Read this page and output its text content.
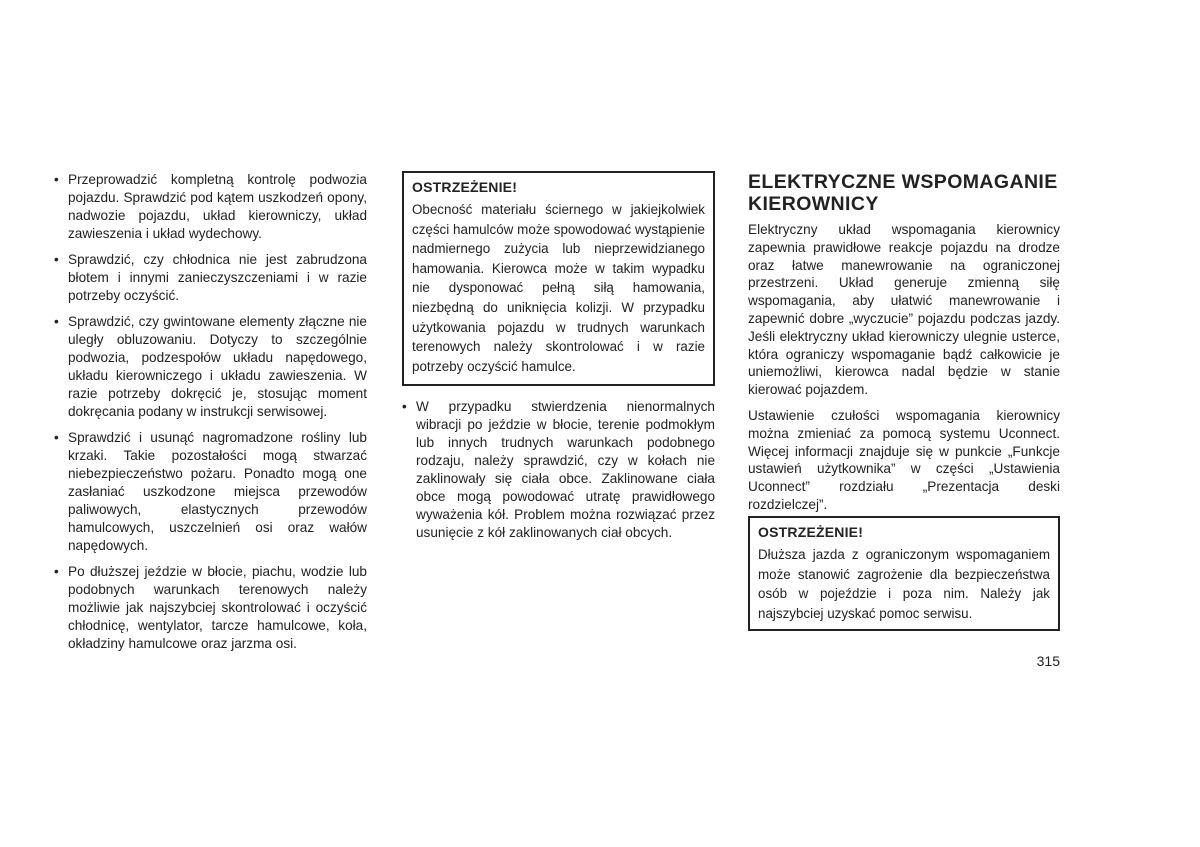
• Przeprowadzić kompletną kontrolę podwozia pojazdu. Sprawdzić pod kątem uszkodzeń opony, nadwozie pojazdu, układ kierowniczy, układ zawieszenia i układ wydechowy.
• Sprawdzić, czy chłodnica nie jest zabrudzona błotem i innymi zanieczyszczeniami i w razie potrzeby oczyścić.
• Sprawdzić, czy gwintowane elementy złączne nie uległy obluzowaniu. Dotyczy to szczególnie podwozia, podzespołów układu napędowego, układu kierowniczego i układu zawieszenia. W razie potrzeby dokręcić je, stosując moment dokręcania podany w instrukcji serwisowej.
• Sprawdzić i usunąć nagromadzone rośliny lub krzaki. Takie pozostałości mogą stwarzać niebezpieczeństwo pożaru. Ponadto mogą one zasłaniać uszkodzone miejsca przewodów paliwowych, elastycznych przewodów hamulcowych, uszczelnień osi oraz wałów napędowych.
• Po dłuższej jeździe w błocie, piachu, wodzie lub podobnych warunkach terenowych należy możliwie jak najszybciej skontrolować i oczyścić chłodnicę, wentylator, tarcze hamulcowe, koła, okładziny hamulcowe oraz jarzma osi.
OSTRZEŻENIE!
Obecność materiału ściernego w jakiejkolwiek części hamulców może spowodować wystąpienie nadmiernego zużycia lub nieprzewidzianego hamowania. Kierowca może w takim wypadku nie dysponować pełną siłą hamowania, niezbędną do uniknięcia kolizji. W przypadku użytkowania pojazdu w trudnych warunkach terenowych należy skontrolować i w razie potrzeby oczyścić hamulce.
• W przypadku stwierdzenia nienormalnych wibracji po jeździe w błocie, terenie podmokłym lub innych trudnych warunkach podobnego rodzaju, należy sprawdzić, czy w kołach nie zaklinowały się ciała obce. Zaklinowane ciała obce mogą powodować utratę prawidłowego wyważenia kół. Problem można rozwiązać przez usunięcie z kół zaklinowanych ciał obcych.
ELEKTRYCZNE WSPOMAGANIE KIEROWNICY

Elektryczny układ wspomagania kierownicy zapewnia prawidłowe reakcje pojazdu na drodze oraz łatwe manewrowanie na ograniczonej przestrzeni. Układ generuje zmienną siłę wspomagania, aby ułatwić manewrowanie i zapewnić dobre „wyczucie” pojazdu podczas jazdy. Jeśli elektryczny układ kierowniczy ulegnie usterce, która ograniczy wspomaganie bądź całkowicie je uniemożliwi, kierowca nadal będzie w stanie kierować pojazdem.

Ustawienie czułości wspomagania kierownicy można zmieniać za pomocą systemu Uconnect. Więcej informacji znajduje się w punkcie „Funkcje ustawień użytkownika” w części „Ustawienia Uconnect” rozdziału „Prezentacja deski rozdzielczej”.

OSTRZEŻENIE!
Dłuższa jazda z ograniczonym wspomaganiem może stanowić zagrożenie dla bezpieczeństwa osób w pojeździe i poza nim. Należy jak najszybciej uzyskać pomoc serwisu.
315
